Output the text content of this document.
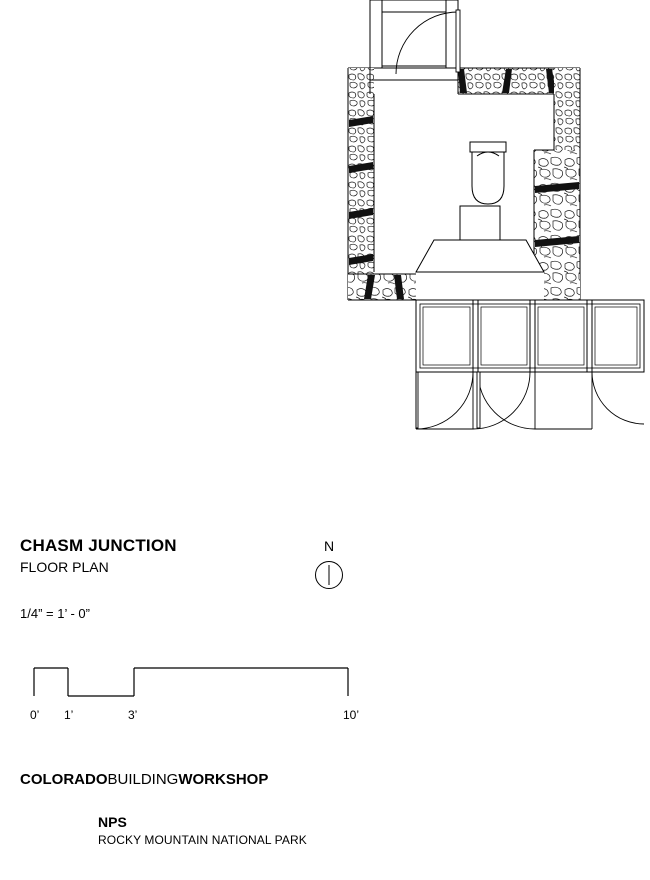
CHASM JUNCTION
FLOOR PLAN
1/4” = 1’ - 0”
N
0’ 1’	3’	10’
COLORADOBUILDINGWORKSHOP
NPS
ROCKY MOUNTAIN NATIONAL PARK
